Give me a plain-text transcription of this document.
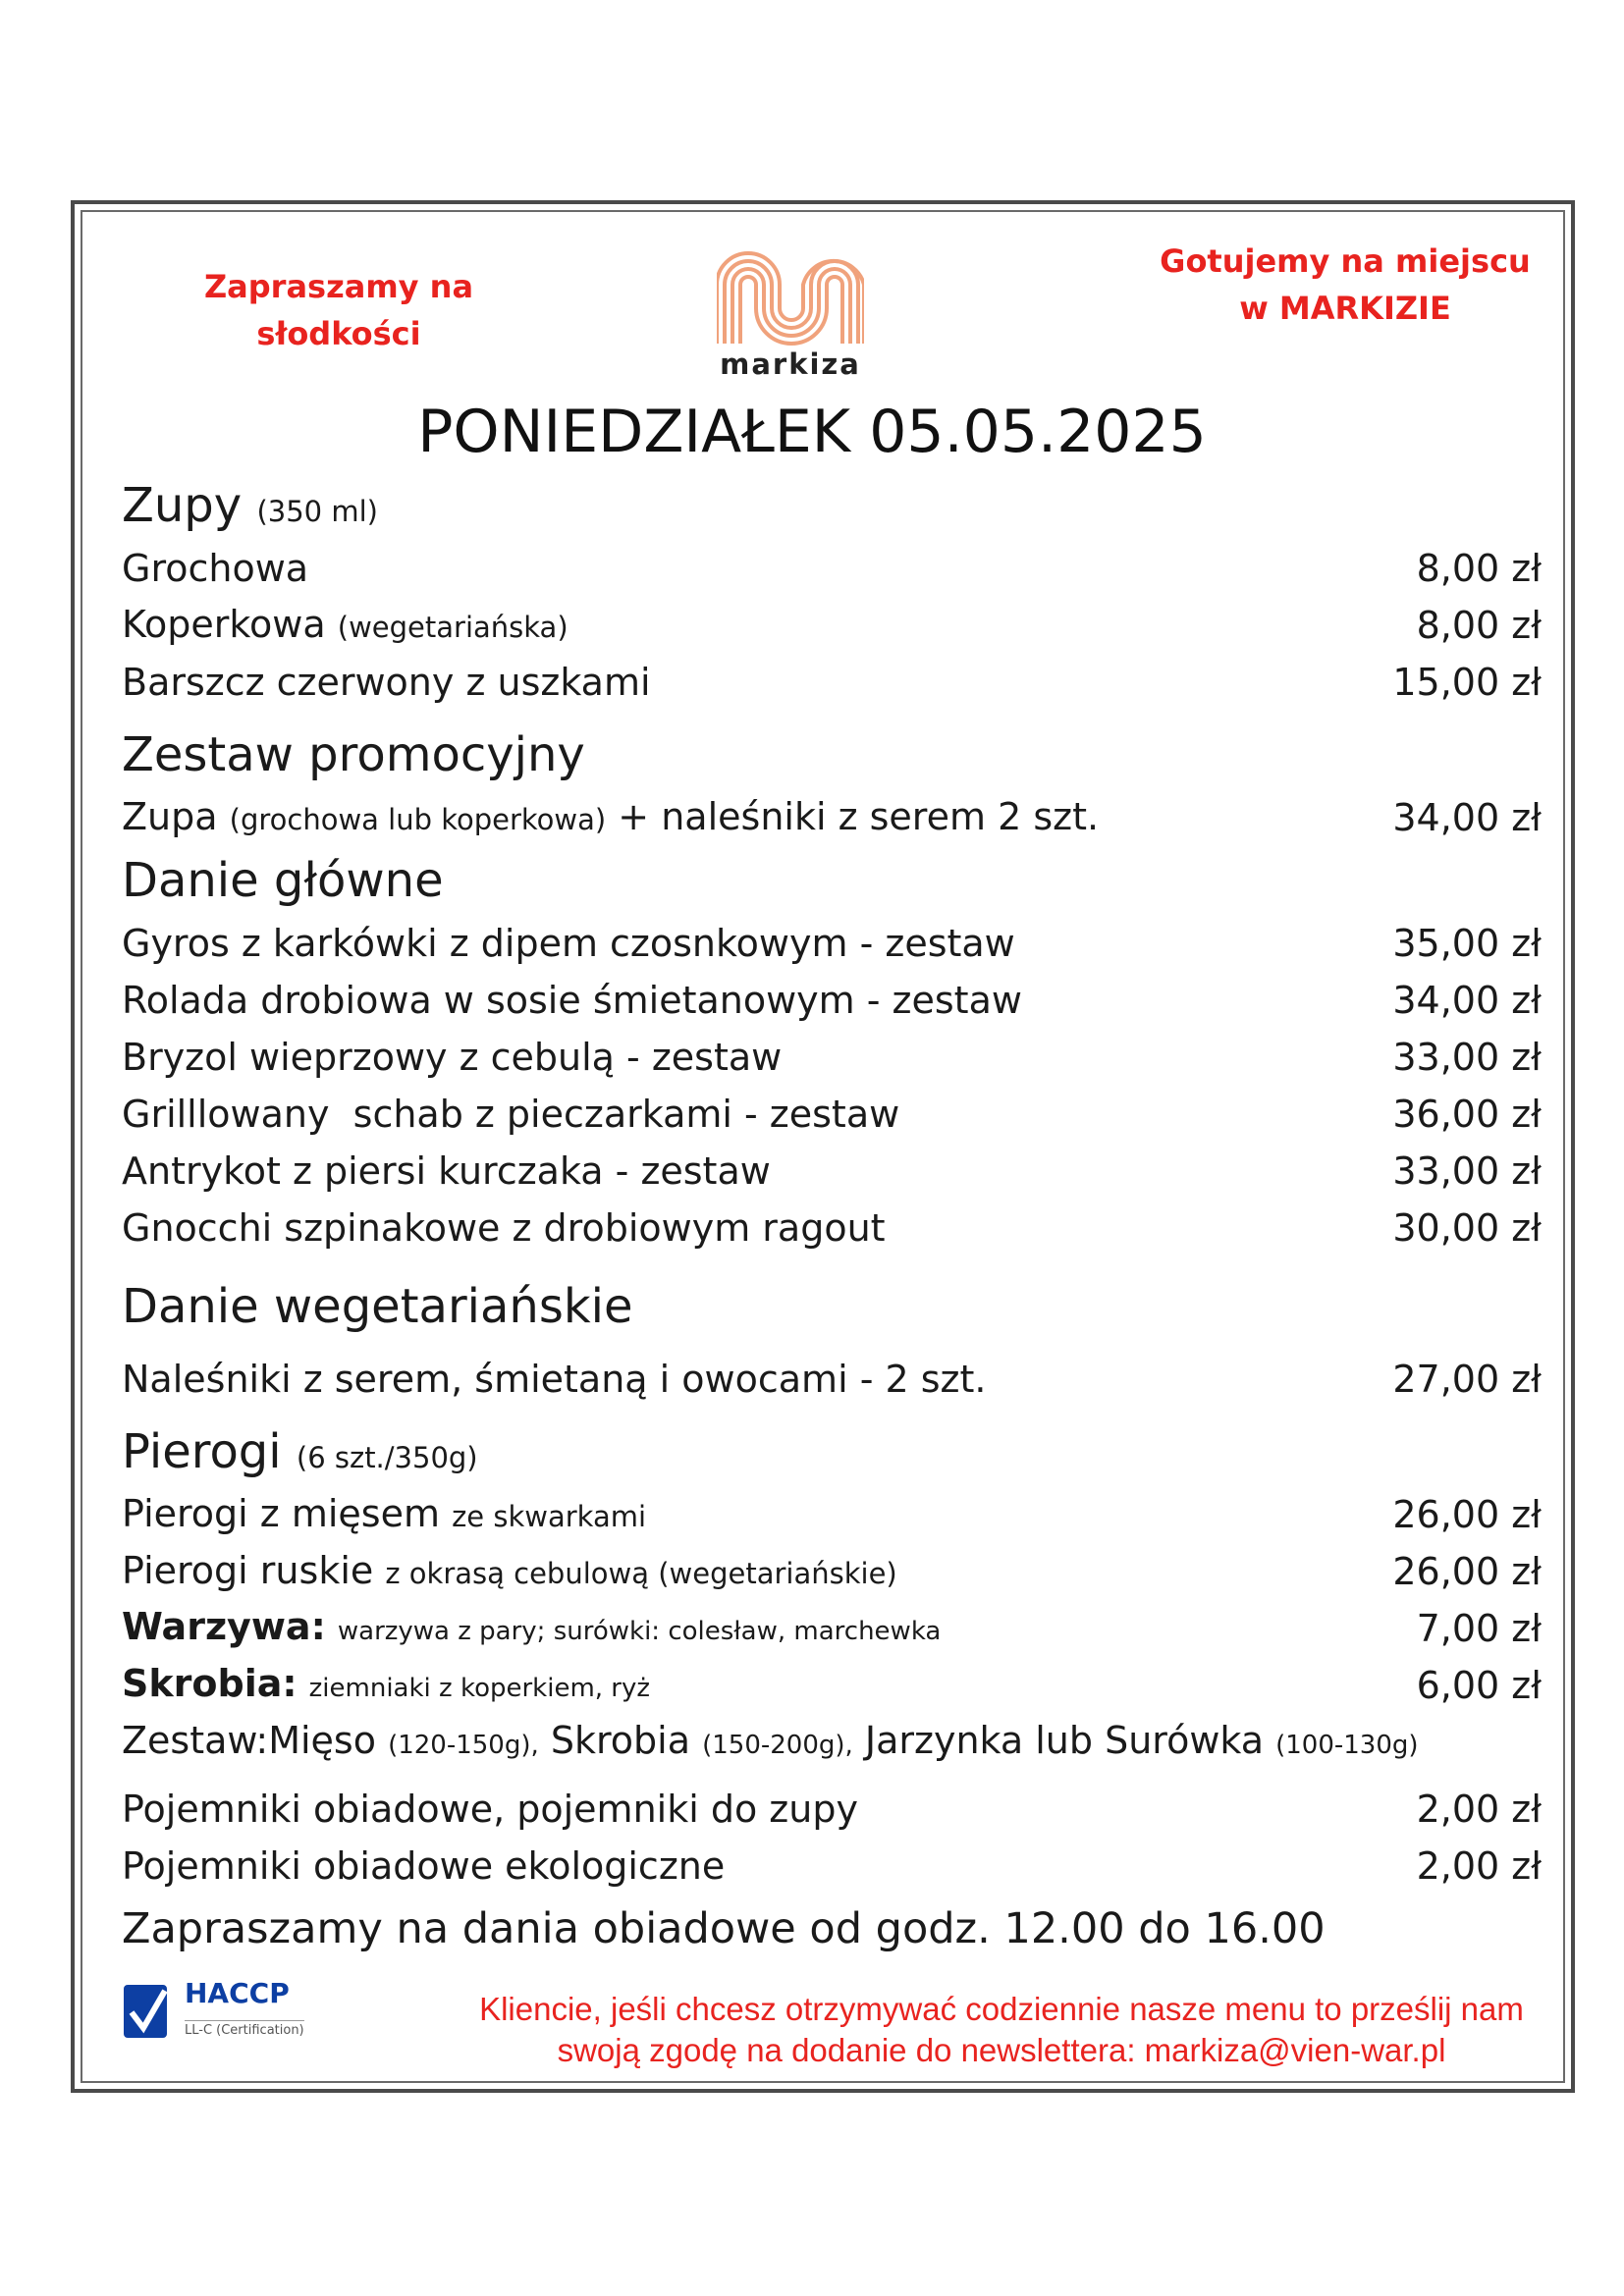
Zapraszamy na
słodkości
markiza
Gotujemy na miejscu
w MARKIZIE
PONIEDZIAŁEK 05.05.2025
Zupy (350 ml)
Grochowa	8,00 zł
Koperkowa (wegetariańska)	8,00 zł
Barszcz czerwony z uszkami	15,00 zł
Zestaw promocyjny
Zupa (grochowa lub koperkowa) + naleśniki z serem 2 szt.	34,00 zł
Danie główne
Gyros z karkówki z dipem czosnkowym - zestaw	35,00 zł
Rolada drobiowa w sosie śmietanowym - zestaw	34,00 zł
Bryzol wieprzowy z cebulą - zestaw	33,00 zł
Grilllowany  schab z pieczarkami - zestaw	36,00 zł
Antrykot z piersi kurczaka - zestaw	33,00 zł
Gnocchi szpinakowe z drobiowym ragout	30,00 zł
Danie wegetariańskie
Naleśniki z serem, śmietaną i owocami - 2 szt.	27,00 zł
Pierogi (6 szt./350g)
Pierogi z mięsem ze skwarkami	26,00 zł
Pierogi ruskie z okrasą cebulową (wegetariańskie)	26,00 zł
Warzywa: warzywa z pary; surówki: colesław, marchewka	7,00 zł
Skrobia: ziemniaki z koperkiem, ryż	6,00 zł
Zestaw:Mięso (120-150g), Skrobia (150-200g), Jarzynka lub Surówka (100-130g)
Pojemniki obiadowe, pojemniki do zupy	2,00 zł
Pojemniki obiadowe ekologiczne	2,00 zł
Zapraszamy na dania obiadowe od godz. 12.00 do 16.00
HACCP
LL-C (Certification)
Kliencie, jeśli chcesz otrzymywać codziennie nasze menu to prześlij nam
swoją zgodę na dodanie do newslettera: markiza@vien-war.pl
